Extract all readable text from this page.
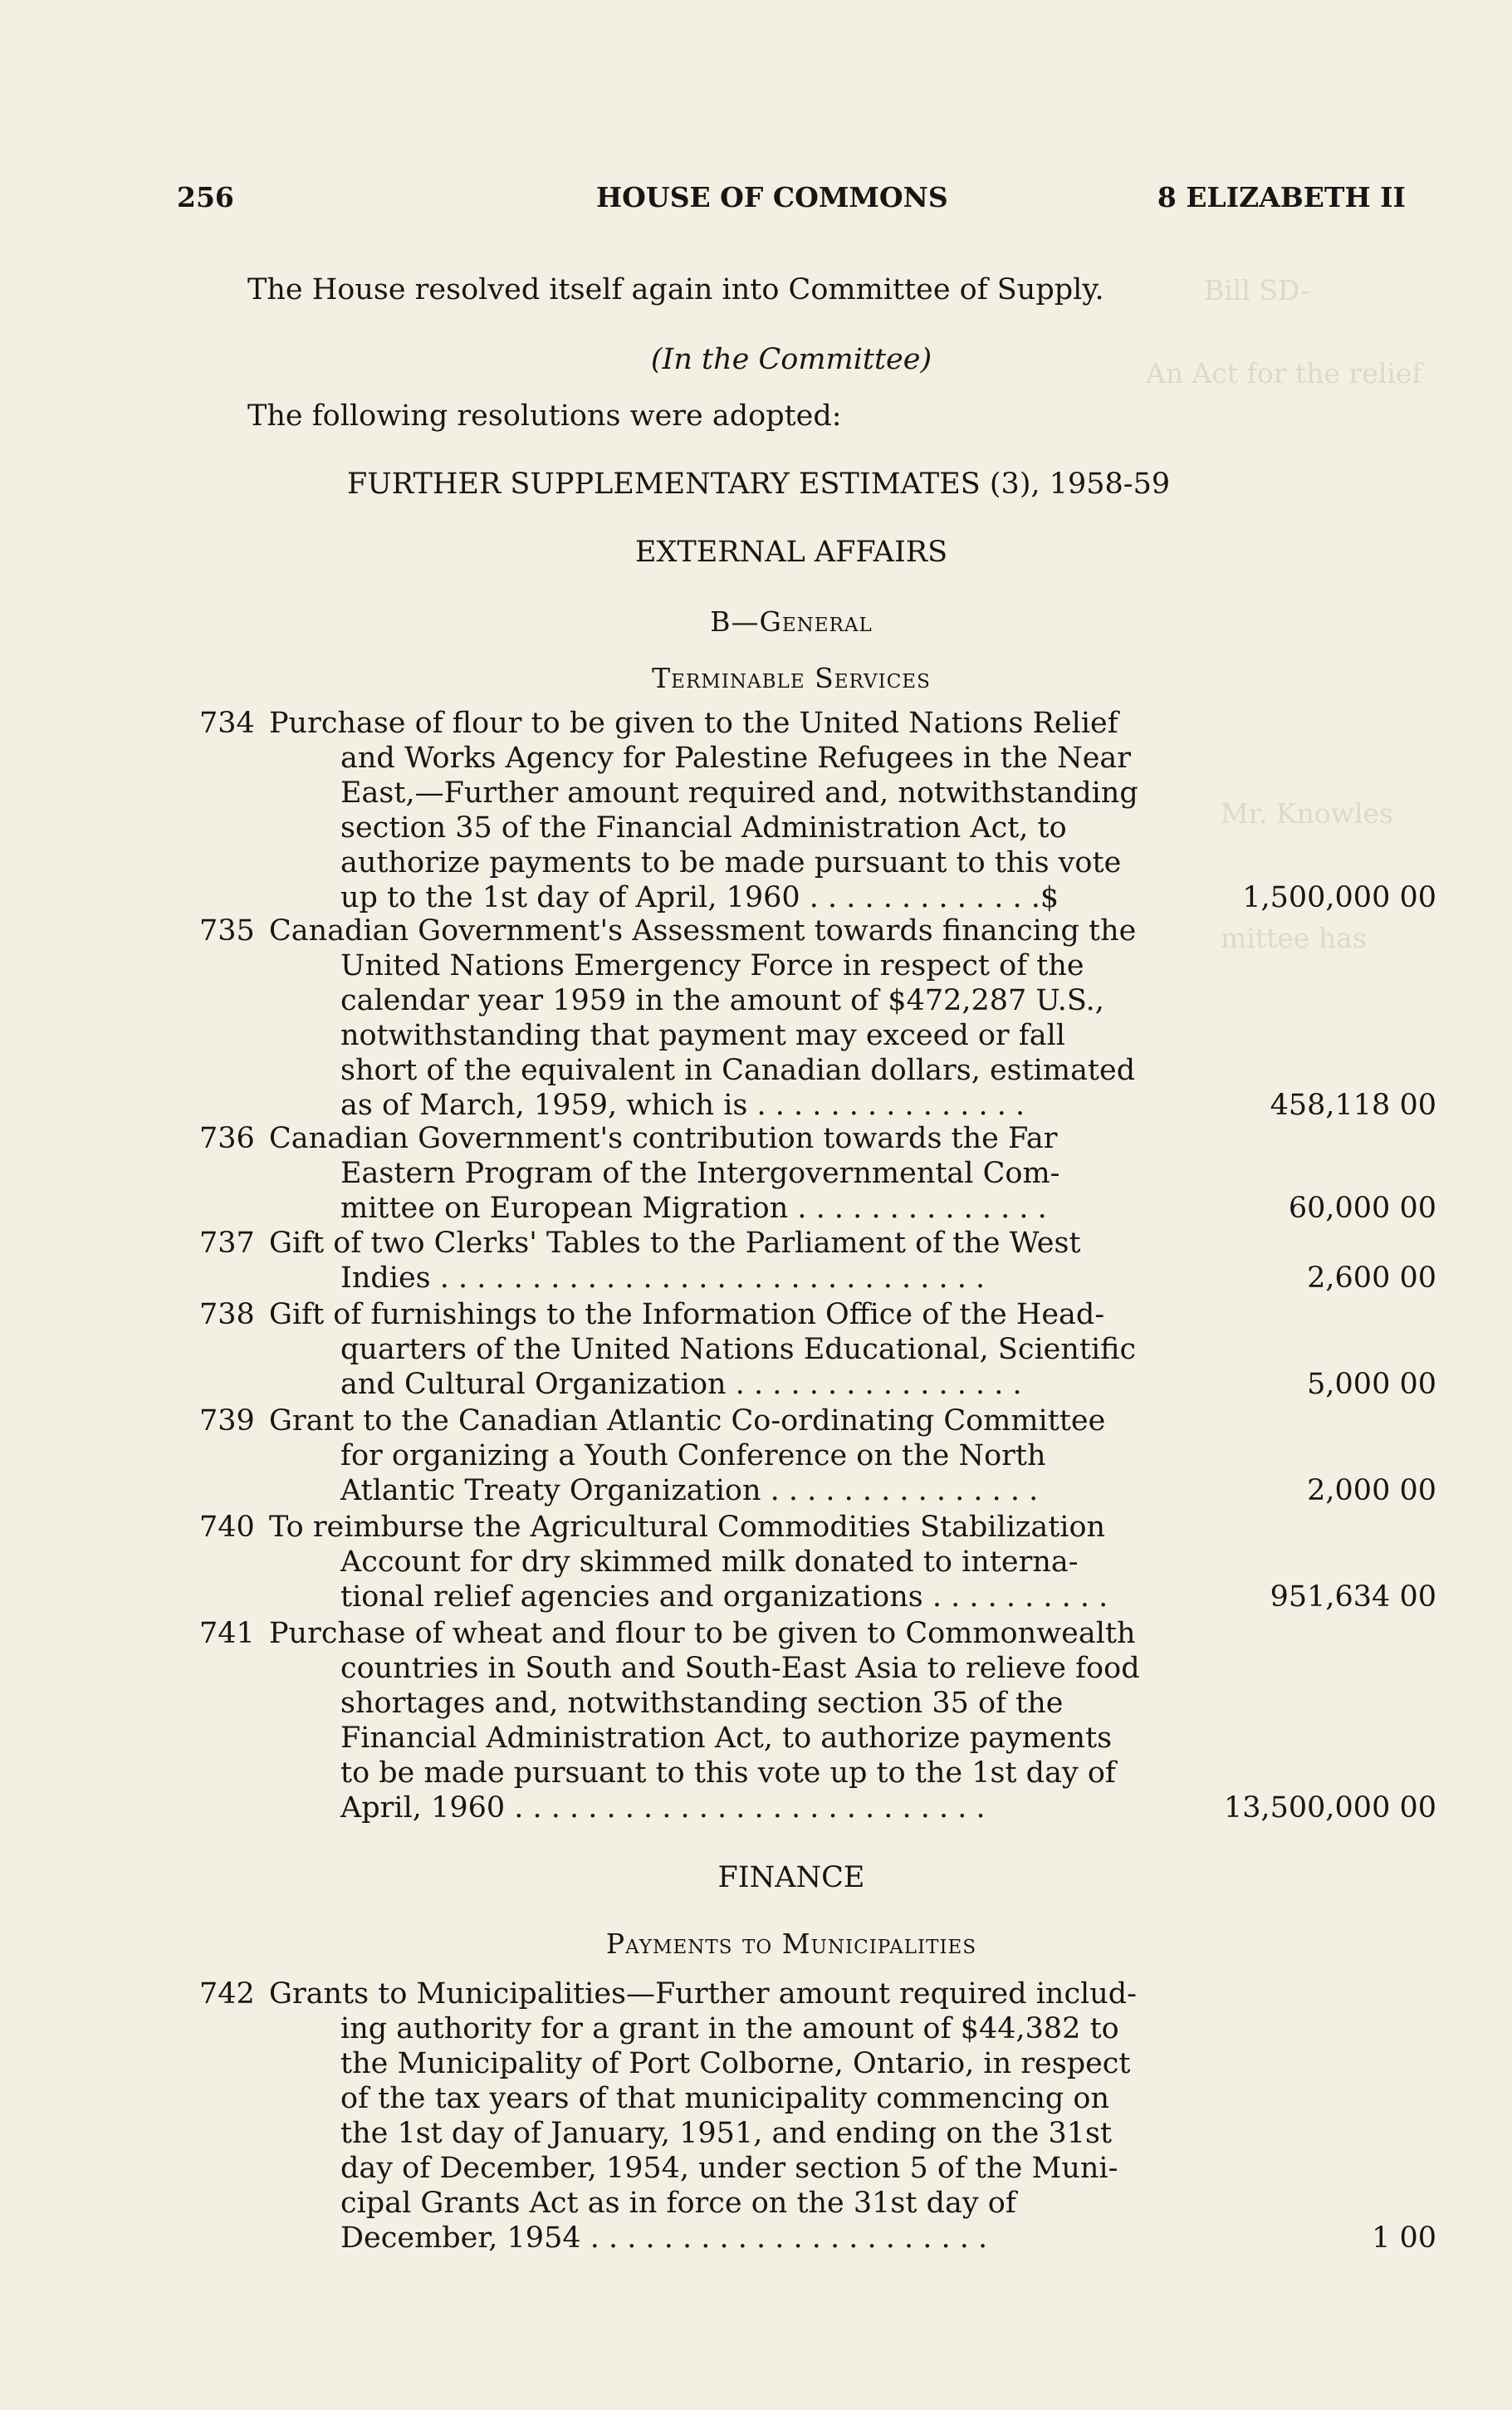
Bill SD-
An Act for the relief
Mr. Knowles
mittee has
256	HOUSE OF COMMONS	8 ELIZABETH II
The House resolved itself again into Committee of Supply.
(In the Committee)
The following resolutions were adopted:
FURTHER SUPPLEMENTARY ESTIMATES (3), 1958-59
EXTERNAL AFFAIRS
B—General
Terminable Services
734 Purchase of flour to be given to the United Nations Relief
and Works Agency for Palestine Refugees in the Near
East,—Further amount required and, notwithstanding
section 35 of the Financial Administration Act, to
authorize payments to be made pursuant to this vote
up to the 1st day of April, 1960 . . . . . . . . . . . . .$	1,500,000 00
735 Canadian Government's Assessment towards financing the
United Nations Emergency Force in respect of the
calendar year 1959 in the amount of $472,287 U.S.,
notwithstanding that payment may exceed or fall
short of the equivalent in Canadian dollars, estimated
as of March, 1959, which is . . . . . . . . . . . . . . .	458,118 00
736 Canadian Government's contribution towards the Far
Eastern Program of the Intergovernmental Com-
mittee on European Migration . . . . . . . . . . . . . .	60,000 00
737 Gift of two Clerks' Tables to the Parliament of the West
Indies . . . . . . . . . . . . . . . . . . . . . . . . . . . . . .	2,600 00
738 Gift of furnishings to the Information Office of the Head-
quarters of the United Nations Educational, Scientific
and Cultural Organization . . . . . . . . . . . . . . . .	5,000 00
739 Grant to the Canadian Atlantic Co-ordinating Committee
for organizing a Youth Conference on the North
Atlantic Treaty Organization . . . . . . . . . . . . . . .	2,000 00
740 To reimburse the Agricultural Commodities Stabilization
Account for dry skimmed milk donated to interna-
tional relief agencies and organizations . . . . . . . . . .	951,634 00
741 Purchase of wheat and flour to be given to Commonwealth
countries in South and South-East Asia to relieve food
shortages and, notwithstanding section 35 of the
Financial Administration Act, to authorize payments
to be made pursuant to this vote up to the 1st day of
April, 1960 . . . . . . . . . . . . . . . . . . . . . . . . . .	13,500,000 00
FINANCE
Payments to Municipalities
742 Grants to Municipalities—Further amount required includ-
ing authority for a grant in the amount of $44,382 to
the Municipality of Port Colborne, Ontario, in respect
of the tax years of that municipality commencing on
the 1st day of January, 1951, and ending on the 31st
day of December, 1954, under section 5 of the Muni-
cipal Grants Act as in force on the 31st day of
December, 1954 . . . . . . . . . . . . . . . . . . . . . .	1 00
